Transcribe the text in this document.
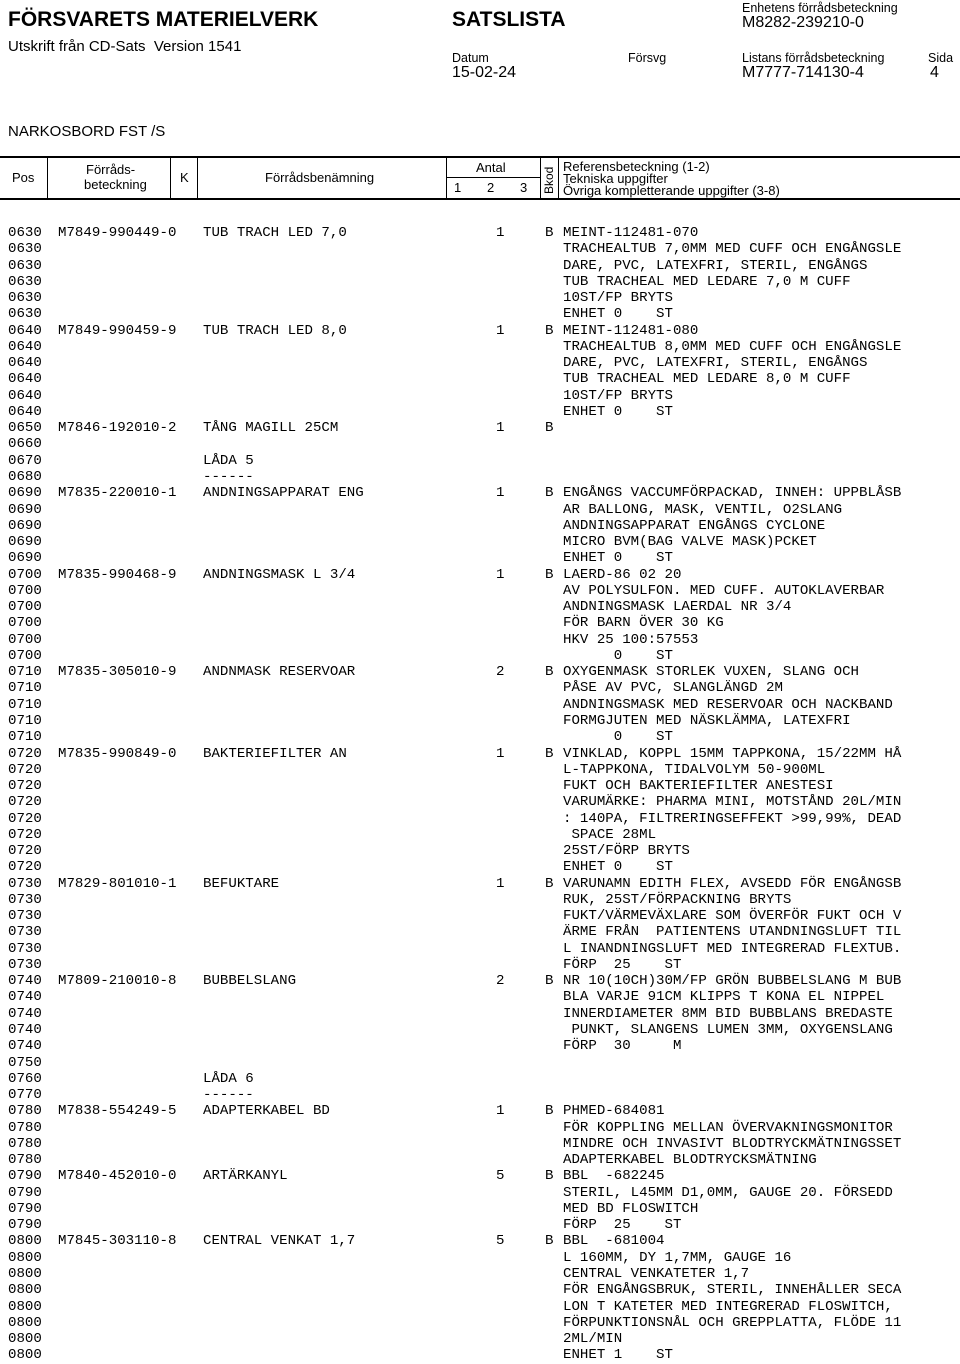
FÖRSVARETS MATERIELVERK
Utskrift från CD-Sats  Version 1541
SATSLISTA	Enhetens förrådsbeteckning
M8282-239210-0
Datum
15-02-24
Försvg	Listans förrådsbeteckning
M7777-714130-4
Sida
4
NARKOSBORD FST /S
Pos
Förråds-
beteckning	K	Förrådsbenämning
Antal
1 2 3 Bkod
Referensbeteckning (1-2)
Tekniska uppgifter
Övriga kompletterande uppgifter (3-8)
0630 M7849-990449-0 TUB TRACH LED 7,0	1	B MEINT-112481-070
0630	TRACHEALTUB 7,0MM MED CUFF OCH ENGÅNGSLE
0630	DARE, PVC, LATEXFRI, STERIL, ENGÅNGS
0630	TUB TRACHEAL MED LEDARE 7,0 M CUFF
0630	10ST/FP BRYTS
0630	ENHET 0    ST
0640 M7849-990459-9 TUB TRACH LED 8,0	1	B MEINT-112481-080
0640	TRACHEALTUB 8,0MM MED CUFF OCH ENGÅNGSLE
0640	DARE, PVC, LATEXFRI, STERIL, ENGÅNGS
0640	TUB TRACHEAL MED LEDARE 8,0 M CUFF
0640	10ST/FP BRYTS
0640	ENHET 0    ST
0650 M7846-192010-2 TÅNG MAGILL 25CM	1	B
0660
0670	LÅDA 5
0680	------
0690 M7835-220010-1 ANDNINGSAPPARAT ENG	1	B ENGÅNGS VACCUMFÖRPACKAD, INNEH: UPPBLÅSB
0690	AR BALLONG, MASK, VENTIL, O2SLANG
0690	ANDNINGSAPPARAT ENGÅNGS CYCLONE
0690	MICRO BVM(BAG VALVE MASK)PCKET
0690	ENHET 0    ST
0700 M7835-990468-9 ANDNINGSMASK L 3/4	1	B LAERD-86 02 20
0700	AV POLYSULFON. MED CUFF. AUTOKLAVERBAR
0700	ANDNINGSMASK LAERDAL NR 3/4
0700	FÖR BARN ÖVER 30 KG
0700	HKV 25 100:57553
0700	0    ST
0710 M7835-305010-9 ANDNMASK RESERVOAR	2	B OXYGENMASK STORLEK VUXEN, SLANG OCH
0710	PÅSE AV PVC, SLANGLÄNGD 2M
0710	ANDNINGSMASK MED RESERVOAR OCH NACKBAND
0710	FORMGJUTEN MED NÄSKLÄMMA, LATEXFRI
0710	0    ST
0720 M7835-990849-0 BAKTERIEFILTER AN	1	B VINKLAD, KOPPL 15MM TAPPKONA, 15/22MM HÅ
0720	L-TAPPKONA, TIDALVOLYM 50-900ML
0720	FUKT OCH BAKTERIEFILTER ANESTESI
0720	VARUMÄRKE: PHARMA MINI, MOTSTÅND 20L/MIN
0720	: 140PA, FILTRERINGSEFFEKT >99,99%, DEAD
0720	SPACE 28ML
0720	25ST/FÖRP BRYTS
0720	ENHET 0    ST
0730 M7829-801010-1 BEFUKTARE	1	B VARUNAMN EDITH FLEX, AVSEDD FÖR ENGÅNGSB
0730	RUK, 25ST/FÖRPACKNING BRYTS
0730	FUKT/VÄRMEVÄXLARE SOM ÖVERFÖR FUKT OCH V
0730	ÄRME FRÅN  PATIENTENS UTANDNINGSLUFT TIL
0730	L INANDNINGSLUFT MED INTEGRERAD FLEXTUB.
0730	FÖRP  25    ST
0740 M7809-210010-8 BUBBELSLANG	2	B NR 10(10CH)30M/FP GRÖN BUBBELSLANG M BUB
0740	BLA VARJE 91CM KLIPPS T KONA EL NIPPEL
0740	INNERDIAMETER 8MM BID BUBBLANS BREDASTE
0740	PUNKT, SLANGENS LUMEN 3MM, OXYGENSLANG
0740	FÖRP  30     M
0750
0760	LÅDA 6
0770	------
0780 M7838-554249-5 ADAPTERKABEL BD	1	B PHMED-684081
0780	FÖR KOPPLING MELLAN ÖVERVAKNINGSMONITOR
0780	MINDRE OCH INVASIVT BLODTRYCKMÄTNINGSSET
0780	ADAPTERKABEL BLODTRYCKSMÄTNING
0790 M7840-452010-0 ARTÄRKANYL	5	B BBL  -682245
0790	STERIL, L45MM D1,0MM, GAUGE 20. FÖRSEDD
0790	MED BD FLOSWITCH
0790	FÖRP  25    ST
0800 M7845-303110-8 CENTRAL VENKAT 1,7	5	B BBL  -681004
0800	L 160MM, DY 1,7MM, GAUGE 16
0800	CENTRAL VENKATETER 1,7
0800	FÖR ENGÅNGSBRUK, STERIL, INNEHÅLLER SECA
0800	LON T KATETER MED INTEGRERAD FLOSWITCH,
0800	FÖRPUNKTIONSNÅL OCH GREPPLATTA, FLÖDE 11
0800	2ML/MIN
0800	ENHET 1    ST
